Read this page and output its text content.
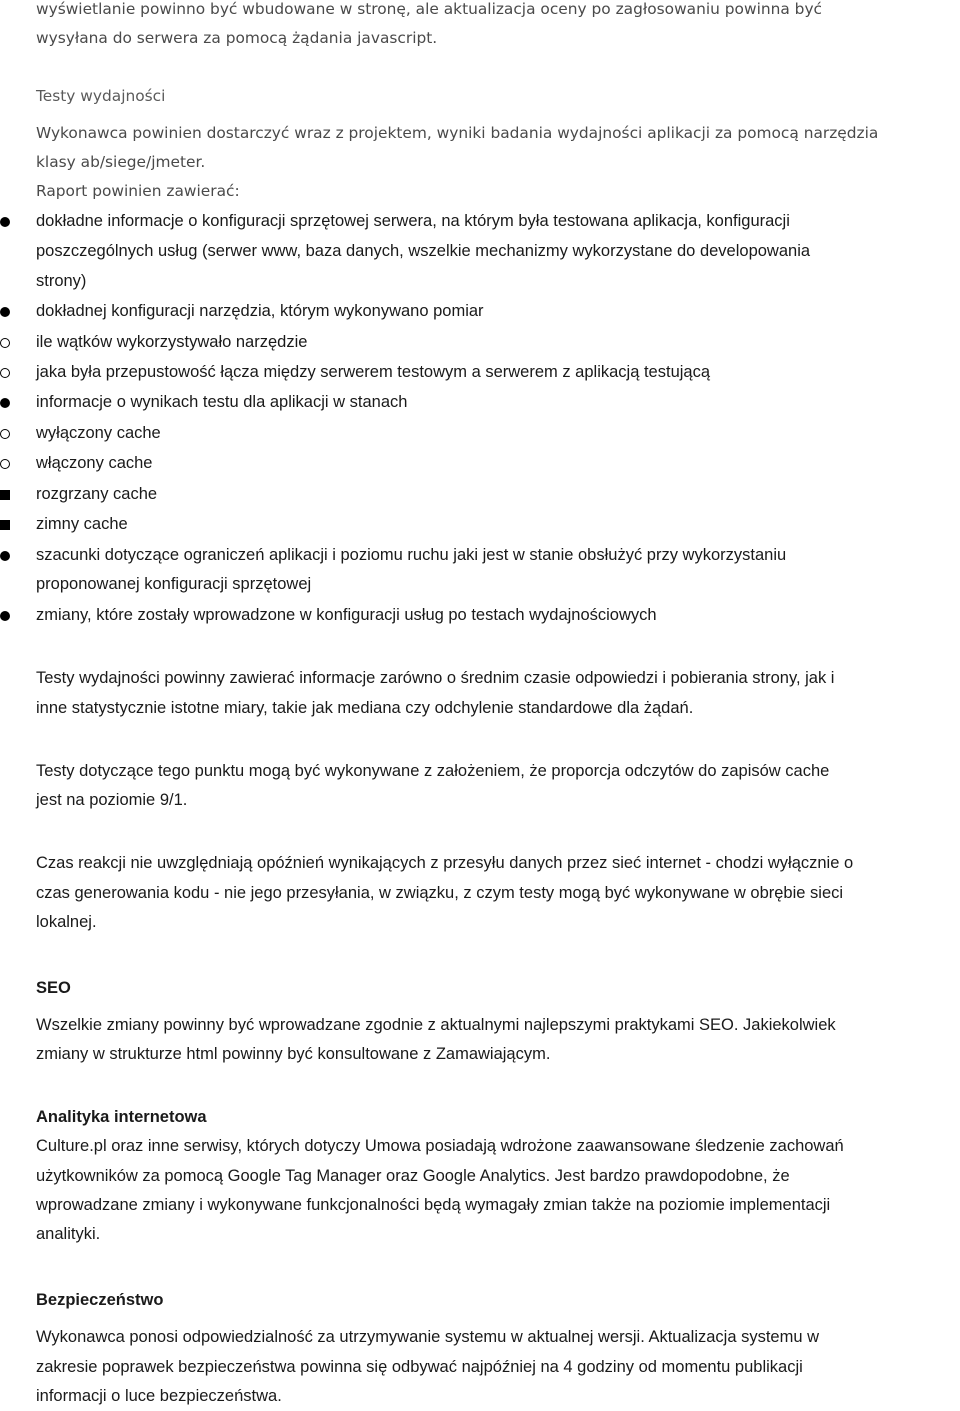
wyświetlanie powinno być wbudowane w stronę, ale aktualizacja oceny po zagłosowaniu powinna być

wysyłana do serwera za pomocą żądania javascript.

Testy wydajności

Wykonawca powinien dostarczyć wraz z projektem, wyniki badania wydajności aplikacji za pomocą narzędzia

klasy ab/siege/jmeter.

Raport powinien zawierać:

dokładne informacje o konfiguracji sprzętowej serwera, na którym była testowana aplikacja, konfiguracji

poszczególnych usług (serwer www, baza danych, wszelkie mechanizmy wykorzystane do developowania

strony)

dokładnej konfiguracji narzędzia, którym wykonywano pomiar

ile wątków wykorzystywało narzędzie

jaka była przepustowość łącza między serwerem testowym a serwerem z aplikacją testującą

informacje o wynikach testu dla aplikacji w stanach

wyłączony cache

włączony cache

rozgrzany cache

zimny cache

szacunki dotyczące ograniczeń aplikacji i poziomu ruchu jaki jest w stanie obsłużyć przy wykorzystaniu

proponowanej konfiguracji sprzętowej

zmiany, które zostały wprowadzone w konfiguracji usług po testach wydajnościowych

Testy wydajności powinny zawierać informacje zarówno o średnim czasie odpowiedzi i pobierania strony, jak i

inne statystycznie istotne miary, takie jak mediana czy odchylenie standardowe dla żądań.

Testy dotyczące tego punktu mogą być wykonywane z założeniem, że proporcja odczytów do zapisów cache

jest na poziomie 9/1.

Czas reakcji nie uwzględniają opóźnień wynikających z przesyłu danych przez sieć internet - chodzi wyłącznie o

czas generowania kodu - nie jego przesyłania, w związku, z czym testy mogą być wykonywane w obrębie sieci

lokalnej.

SEO

Wszelkie zmiany powinny być wprowadzane zgodnie z aktualnymi najlepszymi praktykami SEO. Jakiekolwiek

zmiany w strukturze html powinny być konsultowane z Zamawiającym.

Analityka internetowa

Culture.pl oraz inne serwisy, których dotyczy Umowa posiadają wdrożone zaawansowane śledzenie zachowań

użytkowników za pomocą Google Tag Manager oraz Google Analytics. Jest bardzo prawdopodobne, że

wprowadzane zmiany i wykonywane funkcjonalności będą wymagały zmian także na poziomie implementacji

analityki.

Bezpieczeństwo

Wykonawca ponosi odpowiedzialność za utrzymywanie systemu w aktualnej wersji. Aktualizacja systemu w

zakresie poprawek bezpieczeństwa powinna się odbywać najpóźniej na 4 godziny od momentu publikacji

informacji o luce bezpieczeństwa.
